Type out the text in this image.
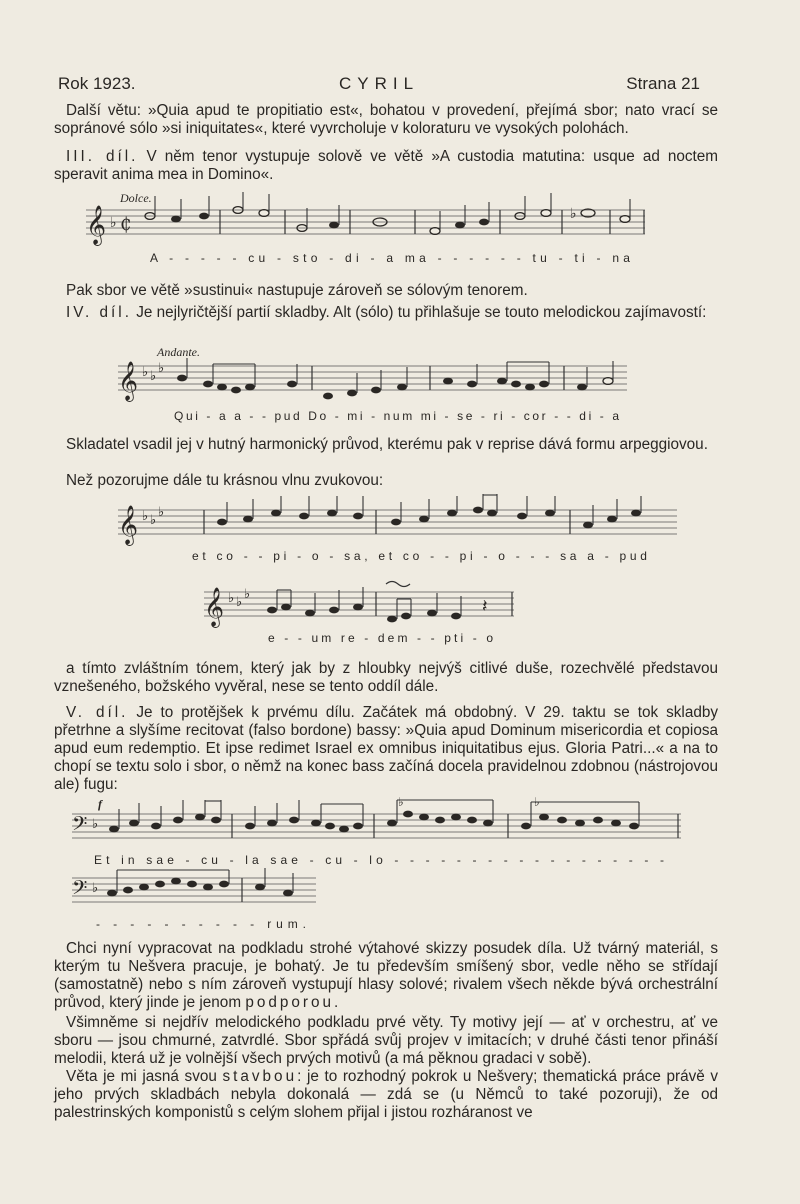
Rok 1923.	CYRIL	Strana 21
Další větu: »Quia apud te propitiatio est«, bohatou v provedení, přejímá sbor; nato vrací se sopránové sólo »si iniquitates«, které vyvrcholuje v koloraturu ve vysokých polohách.
III. díl. V něm tenor vystupuje solově ve větě »A custodia matutina: usque ad noctem speravit anima mea in Domino«.
Dolce.
𝄞 ♭ ₵	♭
A - - - - - cu - sto - di - a ma - - - - - - tu - ti - na
Pak sbor ve větě »sustinui« nastupuje zároveň se sólovým tenorem.
IV. díl. Je nejlyričtější partií skladby. Alt (sólo) tu přihlašuje se touto melodickou zajímavostí:
Andante.
𝄞 ♭ ♭
♭
Qui - a a - - pud Do - mi - num mi - se - ri - cor - - di - a
Skladatel vsadil jej v hutný harmonický průvod, kterému pak v reprise dává formu arpeggiovou.
Než pozorujme dále tu krásnou vlnu zvukovou:
𝄞 ♭ ♭
♭
et co - - pi - o - sa, et co - - pi - o - - - sa a - pud
𝄞 ♭ ♭
♭
𝄽
e - - um re - dem - - pti - o
a tímto zvláštním tónem, který jak by z hloubky nejvýš citlivé duše, rozechvělé představou vznešeného, božského vyvěral, nese se tento oddíl dále.
V. díl. Je to protějšek k prvému dílu. Začátek má obdobný. V 29. taktu se tok skladby přetrhne a slyšíme recitovat (falso bordone) bassy: »Quia apud Dominum misericordia et copiosa apud eum redemptio. Et ipse redimet Israel ex omnibus iniquitatibus ejus. Gloria Patri...« a na to chopí se textu solo i sbor, o němž na konec bass začíná docela pravidelnou zdobnou (nástrojovou ale) fugu:
f
𝄢 ♭
♭	♭
Et in sae - cu - la sae - cu - lo - - - - - - - - - - - - - - - - - -
𝄢 ♭
- - - - - - - - - - rum.
Chci nyní vypracovat na podkladu strohé výtahové skizzy posudek díla. Už tvárný materiál, s kterým tu Nešvera pracuje, je bohatý. Je tu především smíšený sbor, vedle něho se střídají (samostatně) nebo s ním zároveň vystupují hlasy solové; rivalem všech někde bývá orchestrální průvod, který jinde je jenom podporou.
Všimněme si nejdřív melodického podkladu prvé věty. Ty motivy její — ať v orchestru, ať ve sboru — jsou chmurné, zatvrdlé. Sbor spřádá svůj projev v imitacích; v druhé části tenor přináší melodii, která už je volnější všech prvých motivů (a má pěknou gradaci v sobě).
Věta je mi jasná svou stavbou: je to rozhodný pokrok u Nešvery; thematická práce právě v jeho prvých skladbách nebyla dokonalá — zdá se (u Němců to také pozoruji), že od palestrinských komponistů s celým slohem přijal i jistou rozháranost ve
